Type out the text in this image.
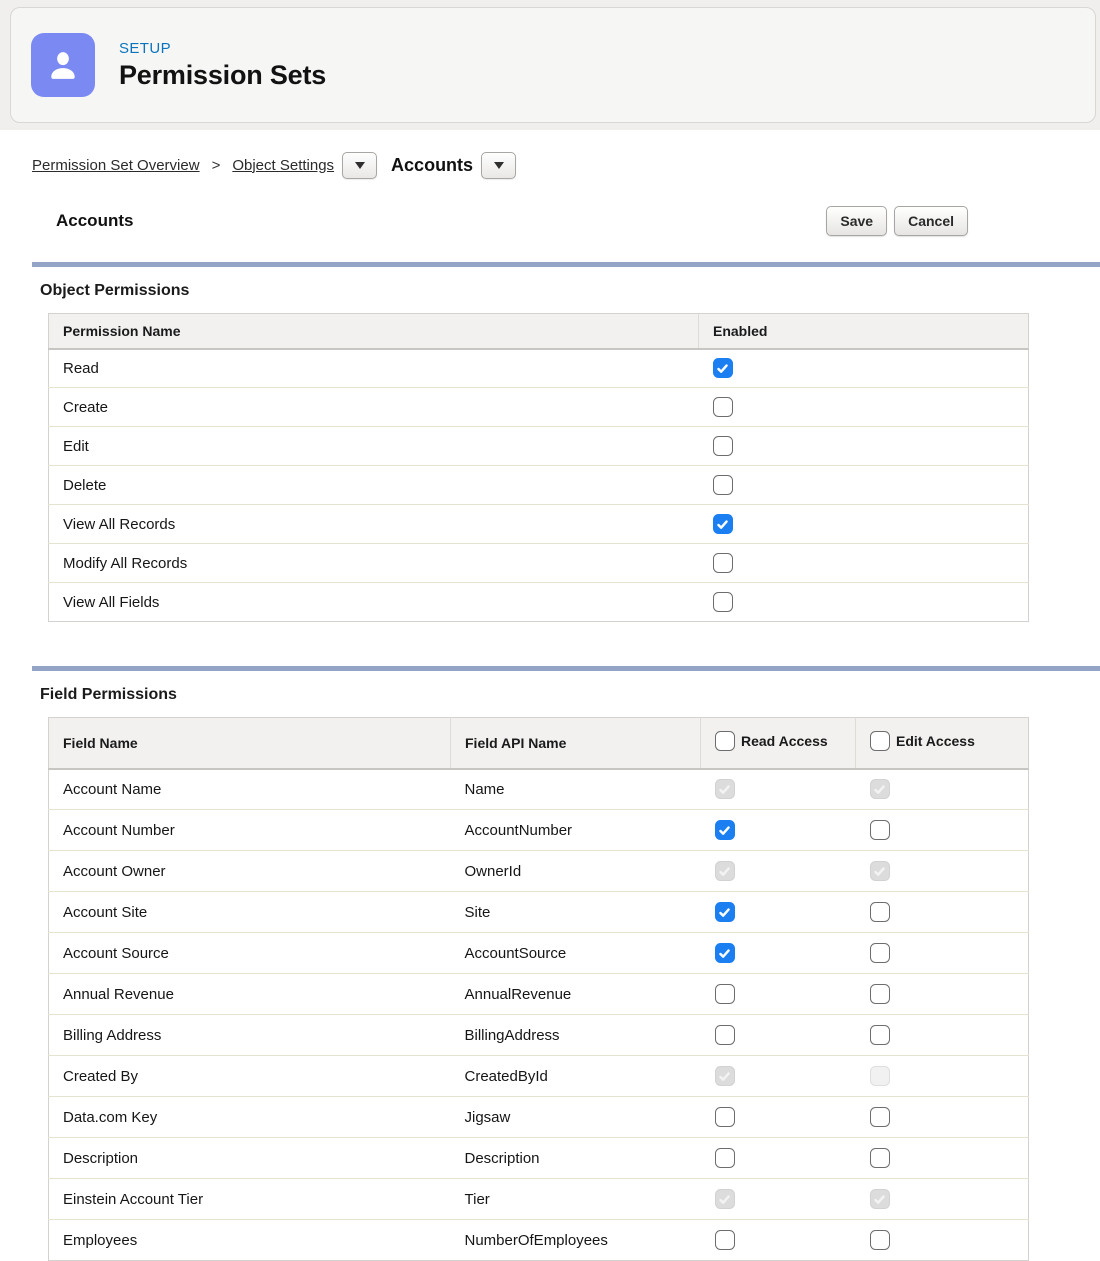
SETUP
Permission Sets
Permission Set Overview > Object Settings	Accounts
Accounts	Save	Cancel
Object Permissions
Permission Name	Enabled
Read	

Create	
Edit	
Delete	
View All Records	

Modify All Records	
View All Fields	
Field Permissions
Field Name	Field API Name	Read Access	Edit Access

Account Name	Name	

Account Number	AccountNumber	

Account Owner	OwnerId	

Account Site	Site	

Account Source	AccountSource	

Annual Revenue	AnnualRevenue		
Billing Address	BillingAddress		
Created By	CreatedById	

Data.com Key	Jigsaw		
Description	Description		
Einstein Account Tier	Tier	

Employees	NumberOfEmployees		
